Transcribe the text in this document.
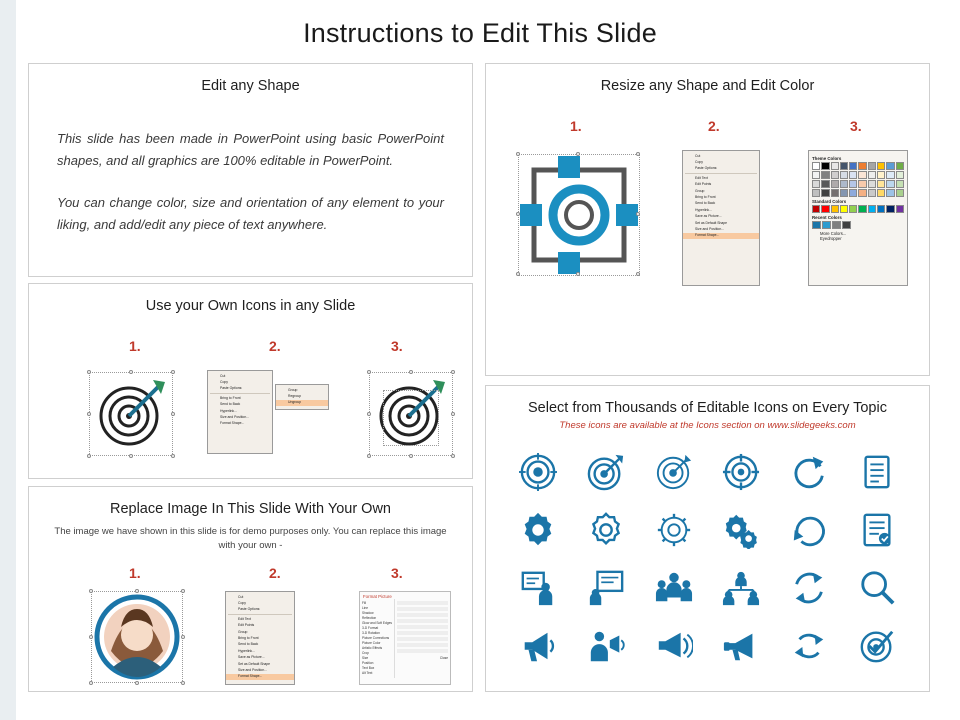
Instructions to Edit This Slide
Edit any Shape
This slide has been made in PowerPoint using basic PowerPoint shapes, and all graphics are 100% editable in PowerPoint.
You can change color, size and orientation of any element to your liking, and add/edit any piece of text anywhere.
Resize any Shape and Edit Color
1.	2.	3.
Cut
Copy
Paste Options:
Edit Text
Edit Points
Group
Bring to Front
Send to Back
Hyperlink...
Save as Picture...
Set as Default Shape
Size and Position...
Format Shape...
Theme Colors
Standard Colors
Recent Colors
More Colors...
Eyedropper
Use your Own Icons in any Slide
1.	2.	3.
Cut
Copy
Paste Options:
Bring to Front
Send to Back
Hyperlink...
Size and Position...
Format Shape...
Group
Regroup
Ungroup
Replace Image In This Slide With Your Own
The image we have shown in this slide is for demo purposes only. You can replace this image with your own -
1.	2.	3.
Cut
Copy
Paste Options:
Edit Text
Edit Points
Group
Bring to Front
Send to Back
Hyperlink...
Save as Picture...
Set as Default Shape
Size and Position...
Format Shape...
Format Picture
Fill
Line
Shadow
Reflection
Glow and Soft Edges
3-D Format
3-D Rotation
Picture Corrections
Picture Color
Artistic Effects
Crop
Size
Position
Text Box
Alt Text
Close
Select from Thousands of Editable Icons on Every Topic
These icons are available at the Icons section on www.slidegeeks.com
